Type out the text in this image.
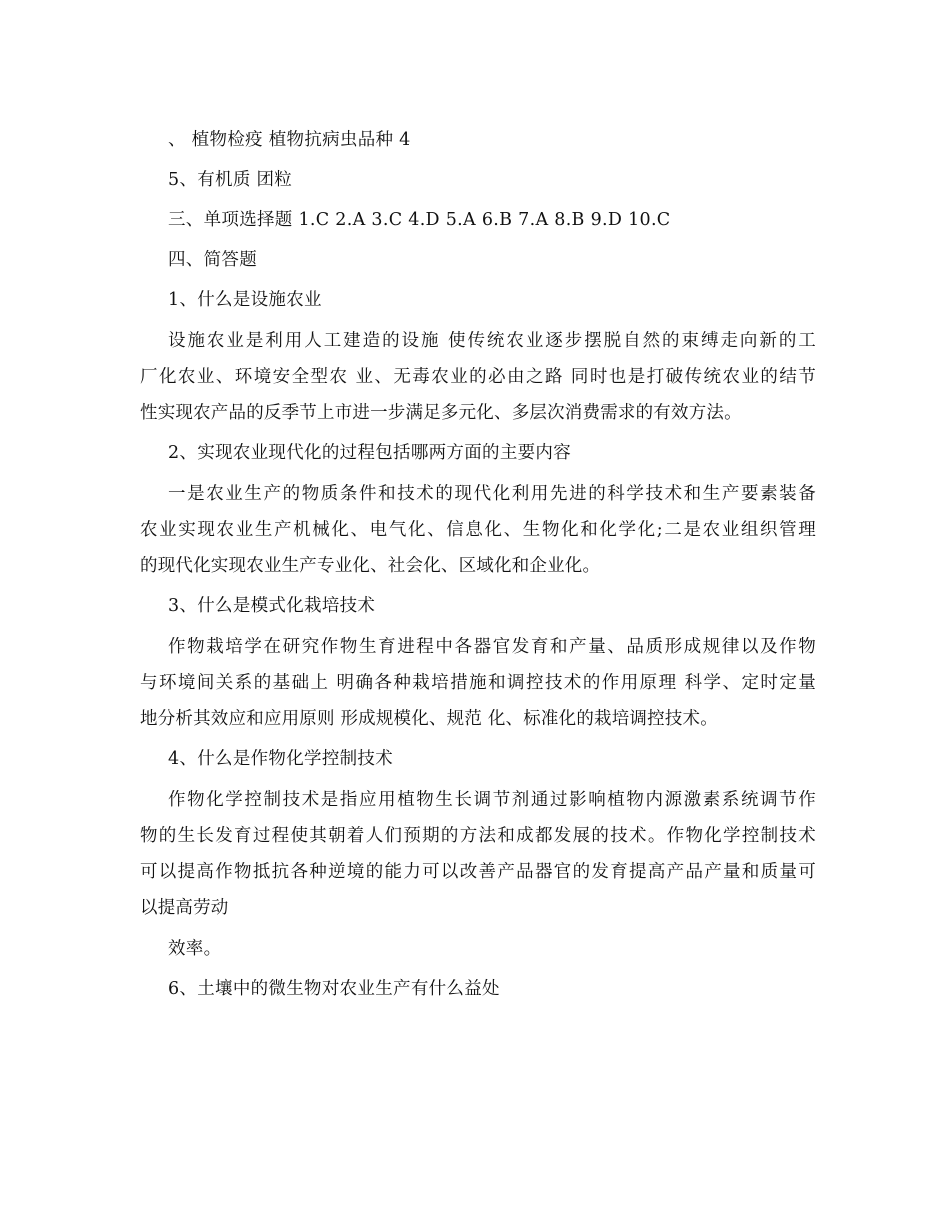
、 植物检疫 植物抗病虫品种 4

5、有机质 团粒

三、单项选择题 1.C 2.A 3.C 4.D 5.A 6.B 7.A 8.B 9.D 10.C

四、简答题

1、什么是设施农业

设施农业是利用人工建造的设施 使传统农业逐步摆脱自然的束缚走向新的工
厂化农业、环境安全型农 业、无毒农业的必由之路 同时也是打破传统农业的结节
性实现农产品的反季节上市进一步满足多元化、多层次消费需求的有效方法。

2、实现农业现代化的过程包括哪两方面的主要内容

一是农业生产的物质条件和技术的现代化利用先进的科学技术和生产要素装备
农业实现农业生产机械化、电气化、信息化、生物化和化学化;二是农业组织管理
的现代化实现农业生产专业化、社会化、区域化和企业化。

3、什么是模式化栽培技术

作物栽培学在研究作物生育进程中各器官发育和产量、品质形成规律以及作物
与环境间关系的基础上 明确各种栽培措施和调控技术的作用原理 科学、定时定量
地分析其效应和应用原则 形成规模化、规范 化、标准化的栽培调控技术。

4、什么是作物化学控制技术

作物化学控制技术是指应用植物生长调节剂通过影响植物内源激素系统调节作
物的生长发育过程使其朝着人们预期的方法和成都发展的技术。作物化学控制技术
可以提高作物抵抗各种逆境的能力可以改善产品器官的发育提高产品产量和质量可
以提高劳动

效率。

6、土壤中的微生物对农业生产有什么益处
